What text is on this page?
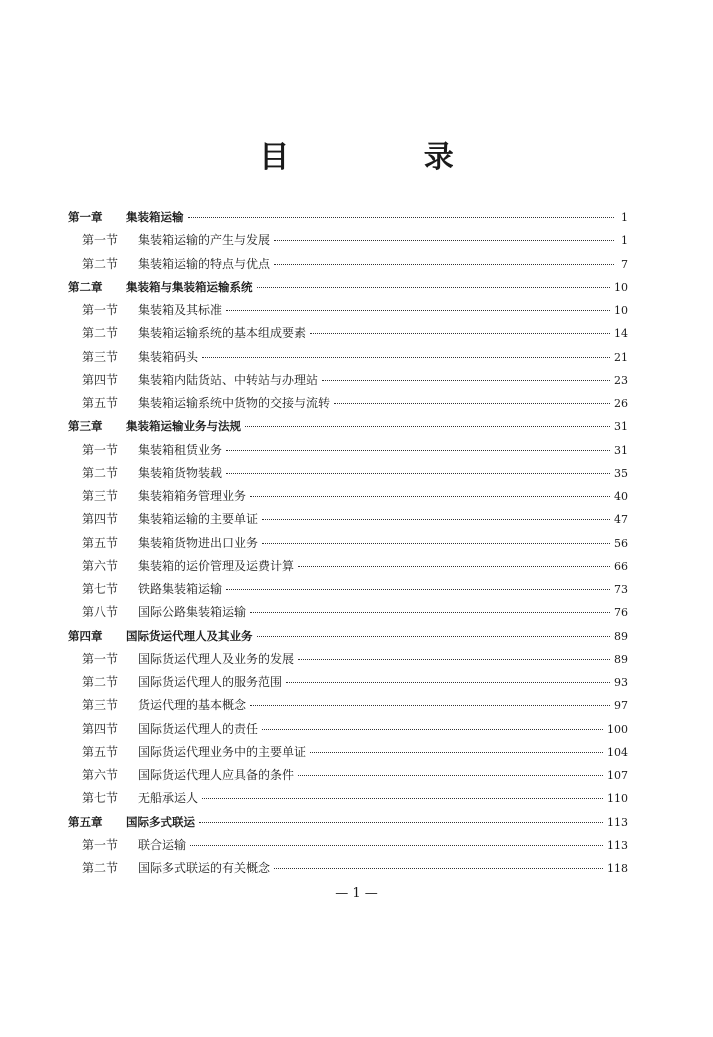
目 录
第一章	集装箱运输	1
第一节	集装箱运输的产生与发展	1
第二节	集装箱运输的特点与优点	7
第二章	集装箱与集装箱运输系统	10
第一节	集装箱及其标准	10
第二节	集装箱运输系统的基本组成要素	14
第三节	集装箱码头	21
第四节	集装箱内陆货站、中转站与办理站	23
第五节	集装箱运输系统中货物的交接与流转	26
第三章	集装箱运输业务与法规	31
第一节	集装箱租赁业务	31
第二节	集装箱货物装载	35
第三节	集装箱箱务管理业务	40
第四节	集装箱运输的主要单证	47
第五节	集装箱货物进出口业务	56
第六节	集装箱的运价管理及运费计算	66
第七节	铁路集装箱运输	73
第八节	国际公路集装箱运输	76
第四章	国际货运代理人及其业务	89
第一节	国际货运代理人及业务的发展	89
第二节	国际货运代理人的服务范围	93
第三节	货运代理的基本概念	97
第四节	国际货运代理人的责任	100
第五节	国际货运代理业务中的主要单证	104
第六节	国际货运代理人应具备的条件	107
第七节	无船承运人	110
第五章	国际多式联运	113
第一节	联合运输	113
第二节	国际多式联运的有关概念	118
— 1 —
